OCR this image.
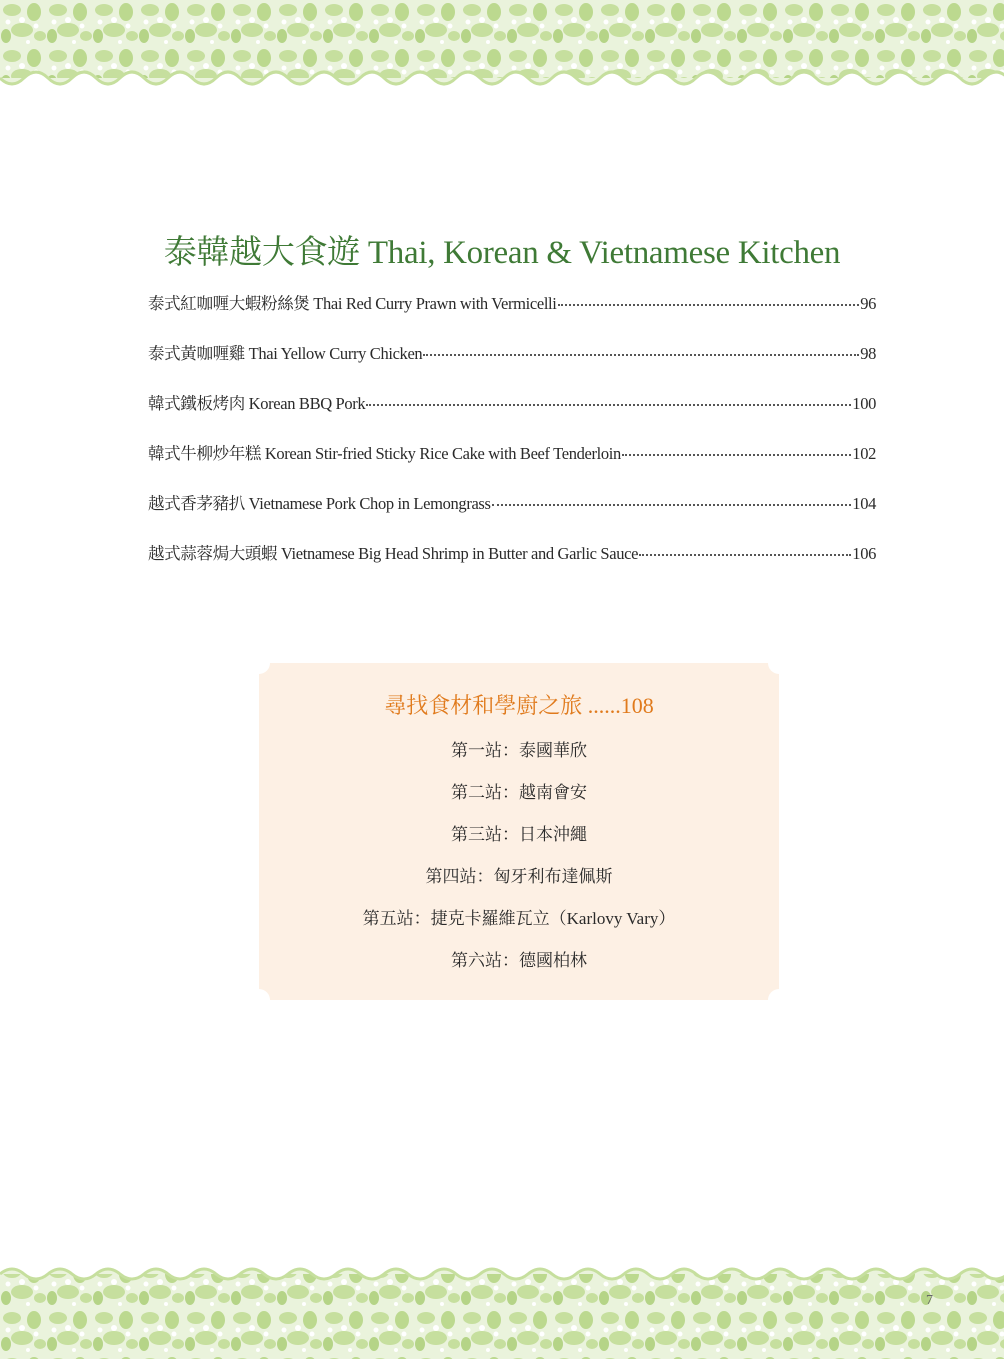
泰韓越大食遊 Thai, Korean & Vietnamese Kitchen
泰式紅咖喱大蝦粉絲煲 Thai Red Curry Prawn with Vermicelli	96
泰式黃咖喱雞 Thai Yellow Curry Chicken	98
韓式鐵板烤肉 Korean BBQ Pork	100
韓式牛柳炒年糕 Korean Stir-fried Sticky Rice Cake with Beef Tenderloin	102
越式香茅豬扒 Vietnamese Pork Chop in Lemongrass	104
越式蒜蓉焗大頭蝦 Vietnamese Big Head Shrimp in Butter and Garlic Sauce	106
尋找食材和學廚之旅 ......108
第一站：泰國華欣
第二站：越南會安
第三站：日本沖繩
第四站：匈牙利布達佩斯
第五站：捷克卡羅維瓦立（Karlovy Vary）
第六站：德國柏林
7
